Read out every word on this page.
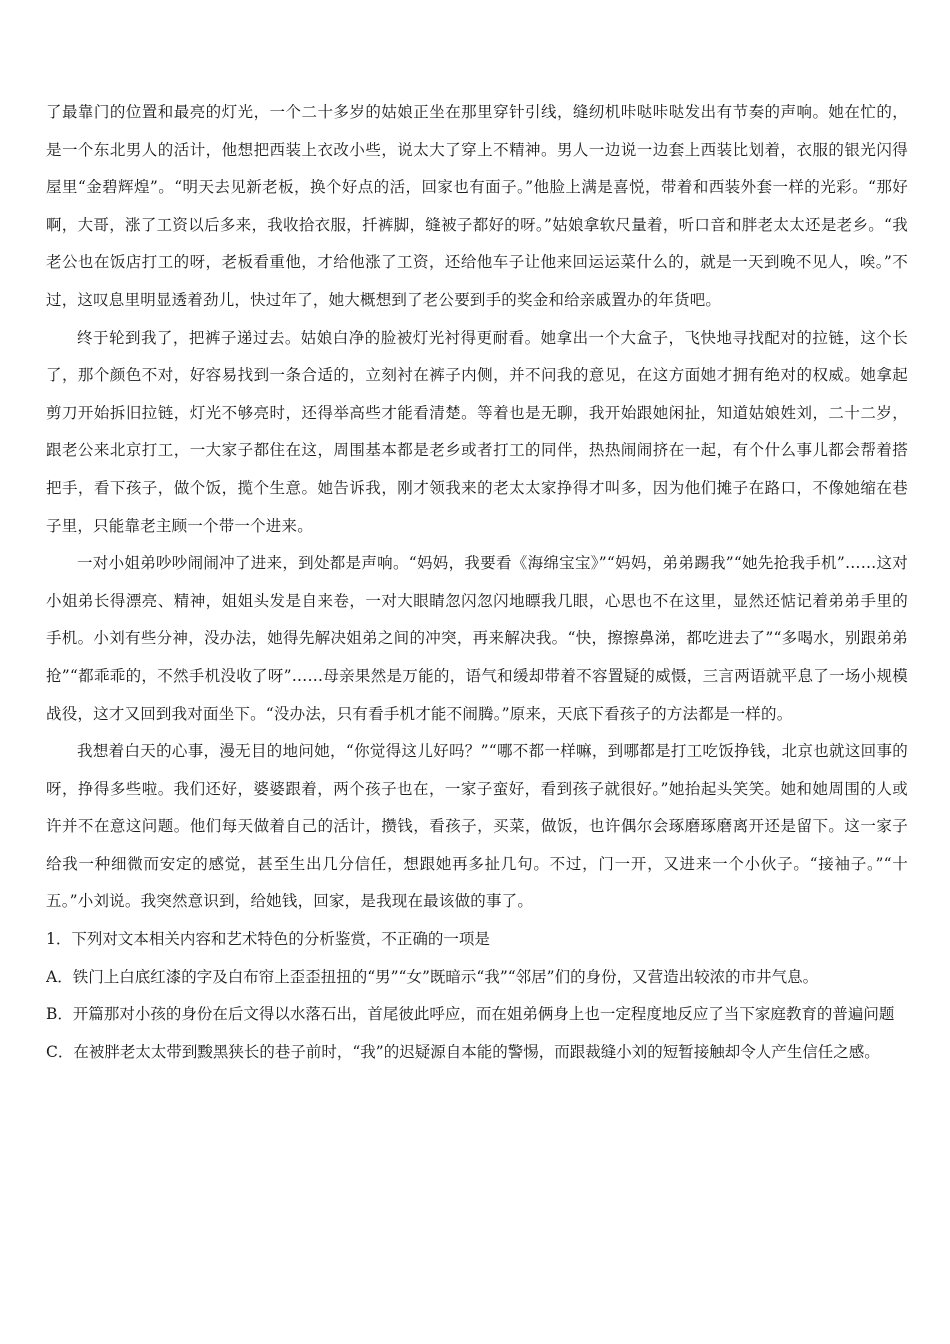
了最靠门的位置和最亮的灯光，一个二十多岁的姑娘正坐在那里穿针引线，缝纫机咔哒咔哒发出有节奏的声响。她在忙的，是一个东北男人的活计，他想把西装上衣改小些，说太大了穿上不精神。男人一边说一边套上西装比划着，衣服的银光闪得屋里“金碧辉煌”。“明天去见新老板，换个好点的活，回家也有面子。”他脸上满是喜悦，带着和西装外套一样的光彩。“那好啊，大哥，涨了工资以后多来，我收拾衣服，扦裤脚，缝被子都好的呀。”姑娘拿软尺量着，听口音和胖老太太还是老乡。“我老公也在饭店打工的呀，老板看重他，才给他涨了工资，还给他车子让他来回运运菜什么的，就是一天到晚不见人，唉。”不过，这叹息里明显透着劲儿，快过年了，她大概想到了老公要到手的奖金和给亲戚置办的年货吧。

终于轮到我了，把裤子递过去。姑娘白净的脸被灯光衬得更耐看。她拿出一个大盒子，飞快地寻找配对的拉链，这个长了，那个颜色不对，好容易找到一条合适的，立刻衬在裤子内侧，并不问我的意见，在这方面她才拥有绝对的权威。她拿起剪刀开始拆旧拉链，灯光不够亮时，还得举高些才能看清楚。等着也是无聊，我开始跟她闲扯，知道姑娘姓刘，二十二岁，跟老公来北京打工，一大家子都住在这，周围基本都是老乡或者打工的同伴，热热闹闹挤在一起，有个什么事儿都会帮着搭把手，看下孩子，做个饭，揽个生意。她告诉我，刚才领我来的老太太家挣得才叫多，因为他们摊子在路口，不像她缩在巷子里，只能靠老主顾一个带一个进来。

一对小姐弟吵吵闹闹冲了进来，到处都是声响。“妈妈，我要看《海绵宝宝》”“妈妈，弟弟踢我”“她先抢我手机”……这对小姐弟长得漂亮、精神，姐姐头发是自来卷，一对大眼睛忽闪忽闪地瞟我几眼，心思也不在这里，显然还惦记着弟弟手里的手机。小刘有些分神，没办法，她得先解决姐弟之间的冲突，再来解决我。“快，擦擦鼻涕，都吃进去了”“多喝水，别跟弟弟抢”“都乖乖的，不然手机没收了呀”……母亲果然是万能的，语气和缓却带着不容置疑的威慑，三言两语就平息了一场小规模战役，这才又回到我对面坐下。“没办法，只有看手机才能不闹腾。”原来，天底下看孩子的方法都是一样的。

我想着白天的心事，漫无目的地问她，“你觉得这儿好吗？”“哪不都一样嘛，到哪都是打工吃饭挣钱，北京也就这回事的呀，挣得多些啦。我们还好，婆婆跟着，两个孩子也在，一家子蛮好，看到孩子就很好。”她抬起头笑笑。她和她周围的人或许并不在意这问题。他们每天做着自己的活计，攒钱，看孩子，买菜，做饭，也许偶尔会琢磨琢磨离开还是留下。这一家子给我一种细微而安定的感觉，甚至生出几分信任，想跟她再多扯几句。不过，门一开，又进来一个小伙子。“接袖子。”“十五。”小刘说。我突然意识到，给她钱，回家，是我现在最该做的事了。

1．下列对文本相关内容和艺术特色的分析鉴赏，不正确的一项是

A．铁门上白底红漆的字及白布帘上歪歪扭扭的“男”“女”既暗示“我”“邻居”们的身份，又营造出较浓的市井气息。

B．开篇那对小孩的身份在后文得以水落石出，首尾彼此呼应，而在姐弟俩身上也一定程度地反应了当下家庭教育的普遍问题

C．在被胖老太太带到黢黑狭长的巷子前时，“我”的迟疑源自本能的警惕，而跟裁缝小刘的短暂接触却令人产生信任之感。
